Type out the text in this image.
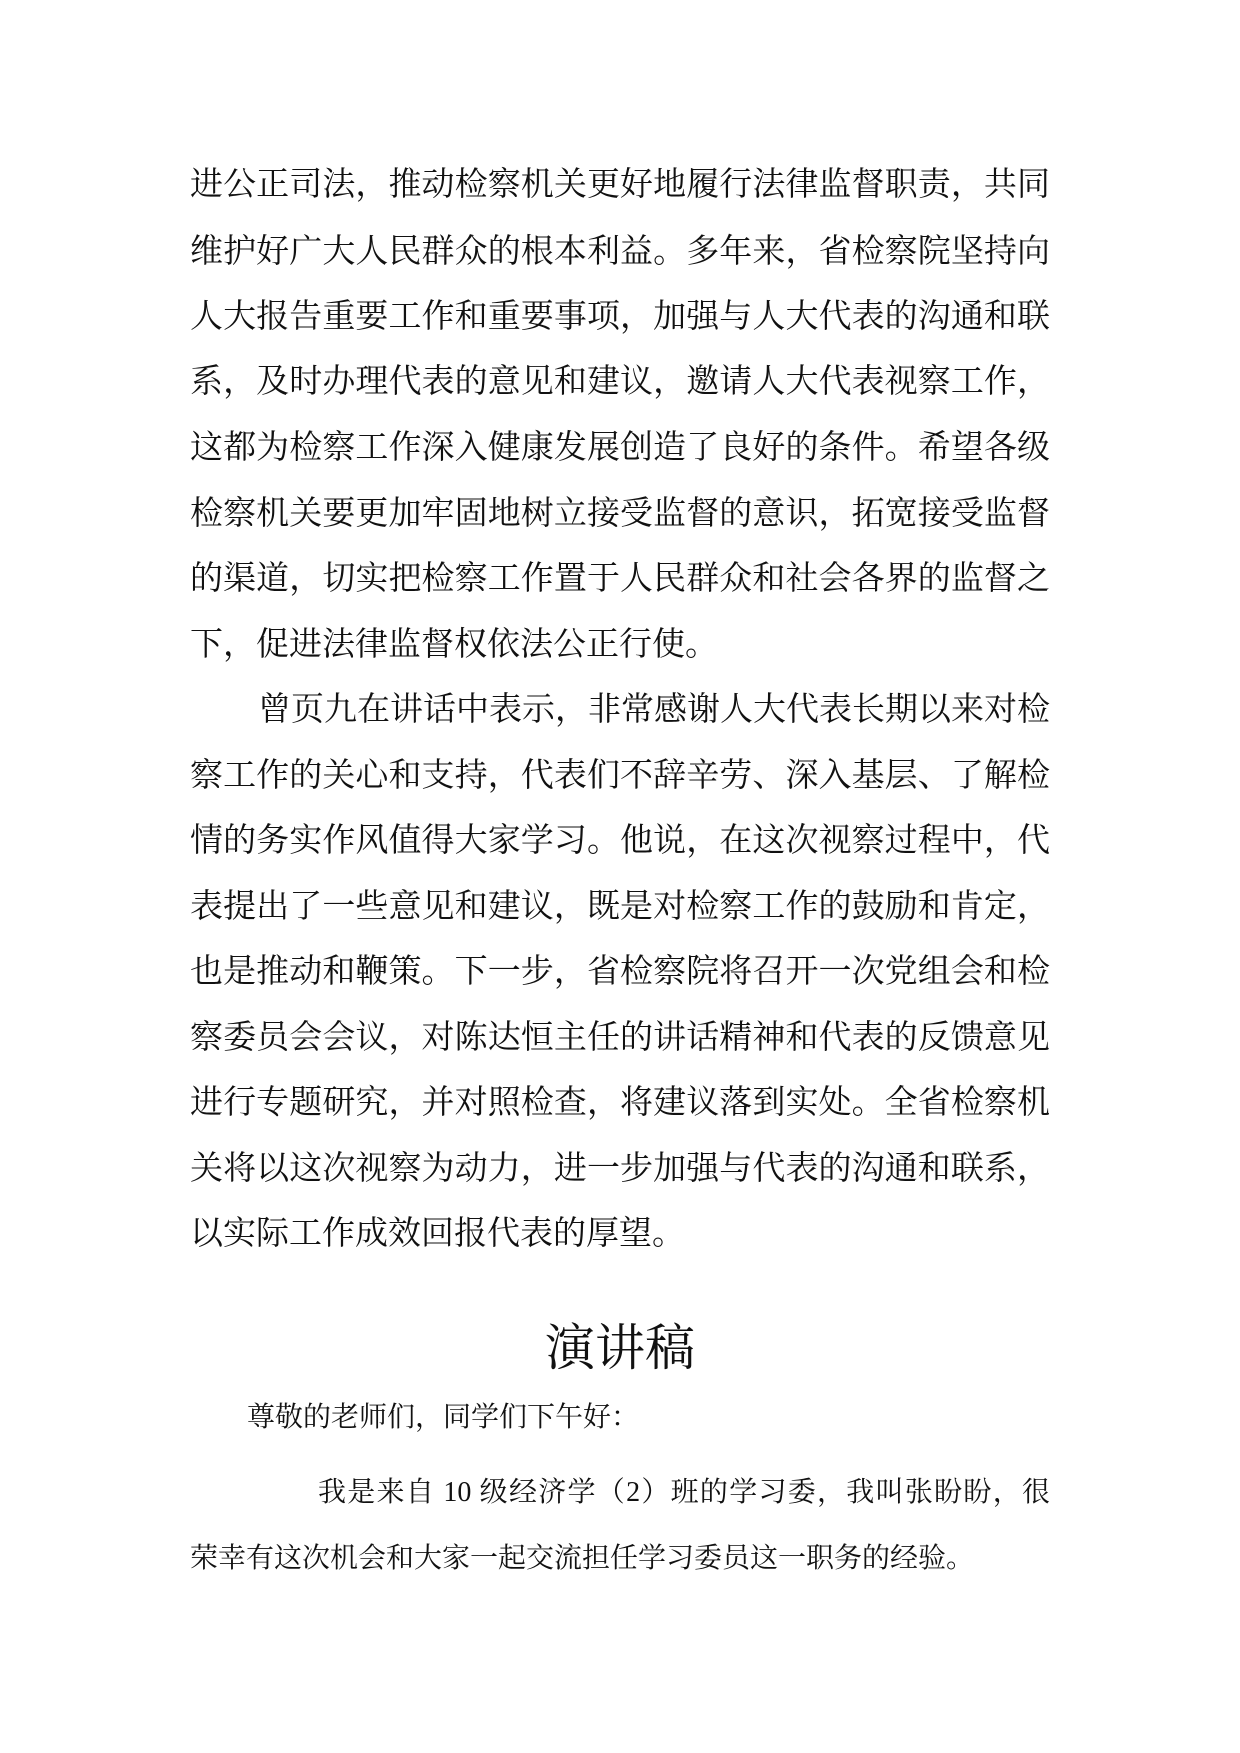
进公正司法，推动检察机关更好地履行法律监督职责，共同
维护好广大人民群众的根本利益。多年来，省检察院坚持向
人大报告重要工作和重要事项，加强与人大代表的沟通和联
系，及时办理代表的意见和建议，邀请人大代表视察工作，
这都为检察工作深入健康发展创造了良好的条件。希望各级
检察机关要更加牢固地树立接受监督的意识，拓宽接受监督
的渠道，切实把检察工作置于人民群众和社会各界的监督之
下，促进法律监督权依法公正行使。
曾页九在讲话中表示，非常感谢人大代表长期以来对检
察工作的关心和支持，代表们不辞辛劳、深入基层、了解检
情的务实作风值得大家学习。他说，在这次视察过程中，代
表提出了一些意见和建议，既是对检察工作的鼓励和肯定，
也是推动和鞭策。下一步，省检察院将召开一次党组会和检
察委员会会议，对陈达恒主任的讲话精神和代表的反馈意见
进行专题研究，并对照检查，将建议落到实处。全省检察机
关将以这次视察为动力，进一步加强与代表的沟通和联系，
以实际工作成效回报代表的厚望。
演讲稿
尊敬的老师们，同学们下午好：
我是来自 10 级经济学（2）班的学习委，我叫张盼盼，很
荣幸有这次机会和大家一起交流担任学习委员这一职务的经验。
